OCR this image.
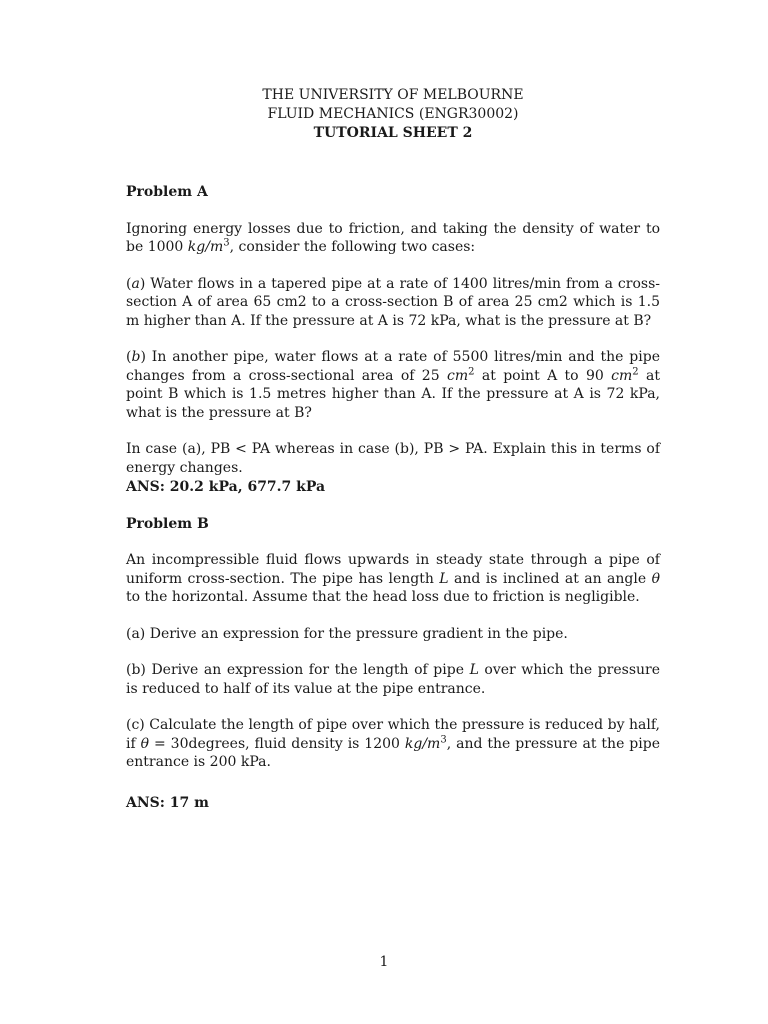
THE UNIVERSITY OF MELBOURNE
FLUID MECHANICS (ENGR30002)
TUTORIAL SHEET 2

Problem A

Ignoring energy losses due to friction, and taking the density of water to be 1000 $kg/m^3$, consider the following two cases:

(a) Water flows in a tapered pipe at a rate of 1400 litres/min from a cross-section A of area 65 cm2 to a cross-section B of area 25 cm2 which is 1.5 m higher than A. If the pressure at A is 72 kPa, what is the pressure at B?

(b) In another pipe, water flows at a rate of 5500 litres/min and the pipe changes from a cross-sectional area of 25 $cm^2$ at point A to 90 $cm^2$ at point B which is 1.5 metres higher than A. If the pressure at A is 72 kPa, what is the pressure at B?

In case (a), PB < PA whereas in case (b), PB > PA. Explain this in terms of energy changes.

ANS: 20.2 kPa, 677.7 kPa

Problem B

An incompressible fluid flows upwards in steady state through a pipe of uniform cross-section. The pipe has length L and is inclined at an angle θ to the horizontal. Assume that the head loss due to friction is negligible.

(a) Derive an expression for the pressure gradient in the pipe.

(b) Derive an expression for the length of pipe L over which the pressure is reduced to half of its value at the pipe entrance.

(c) Calculate the length of pipe over which the pressure is reduced by half, if θ = 30degrees, fluid density is 1200 $kg/m^3$, and the pressure at the pipe entrance is 200 kPa.

ANS: 17 m

1
